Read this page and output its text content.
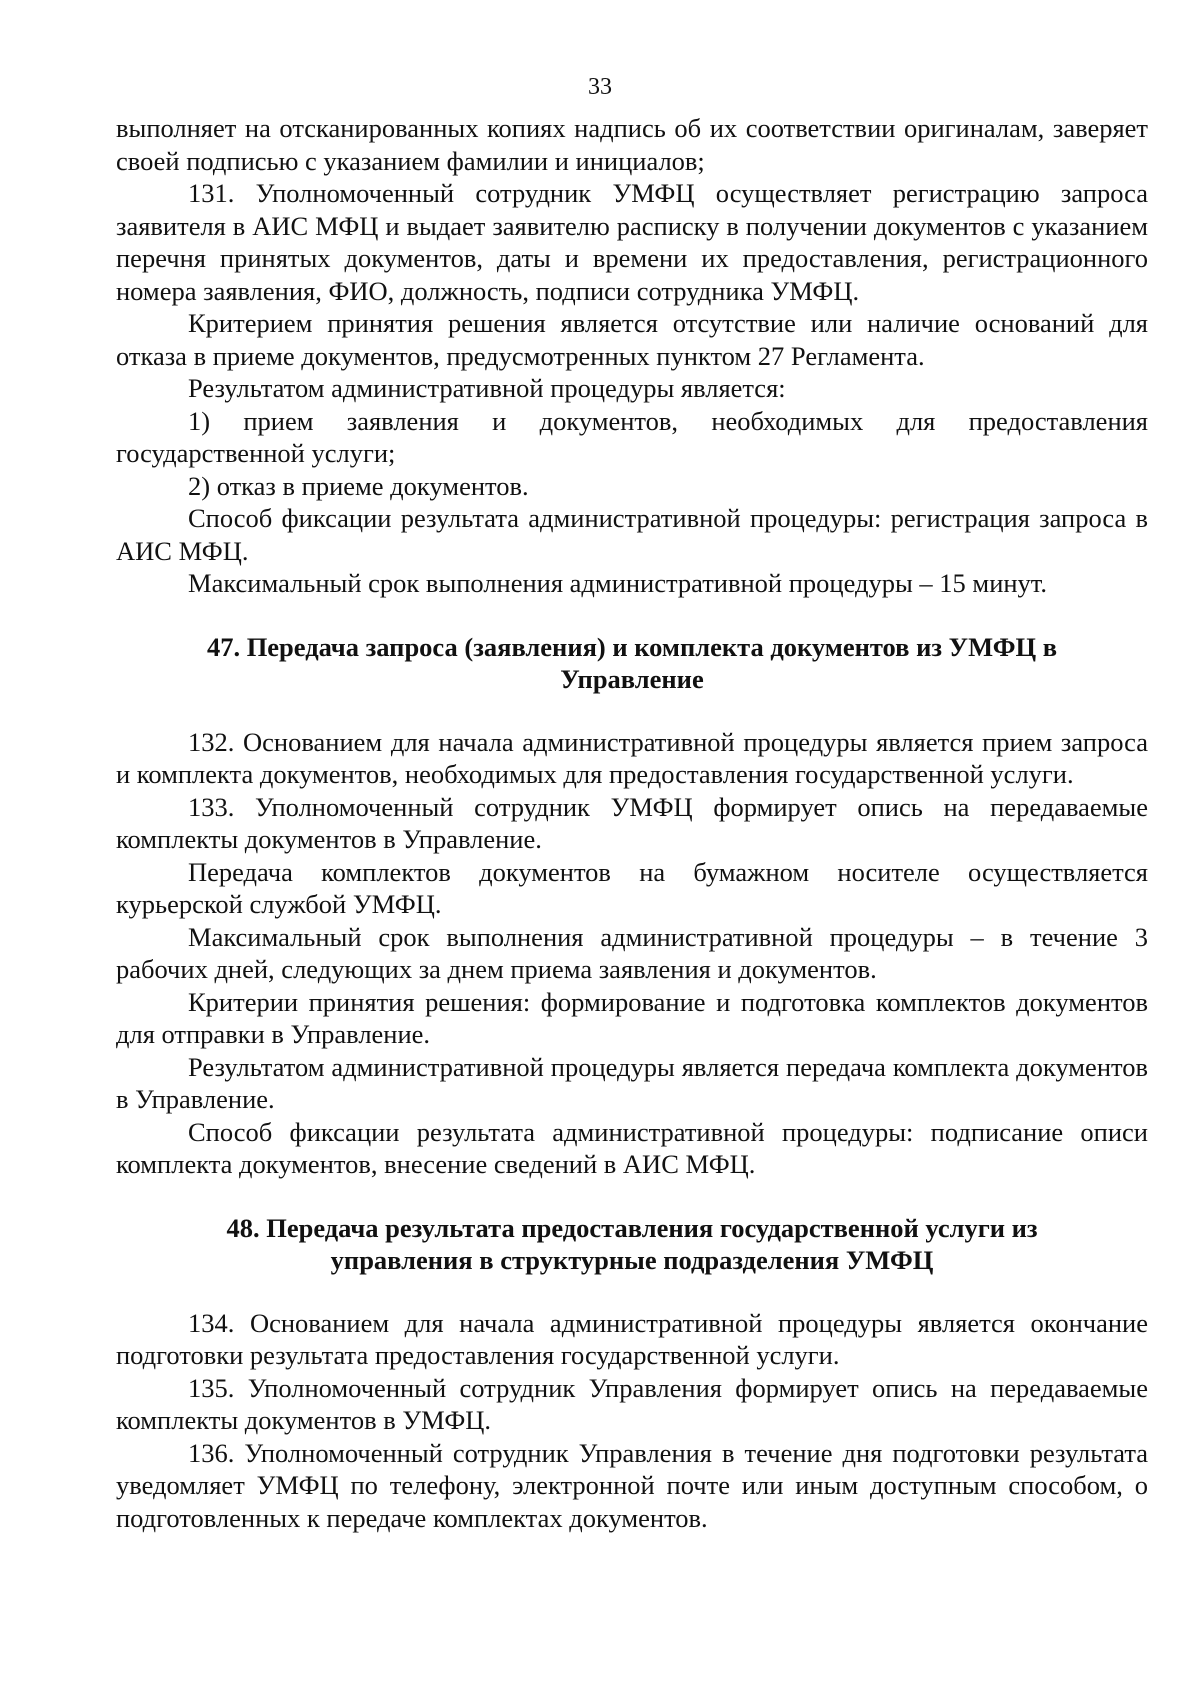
33

выполняет на отсканированных копиях надпись об их соответствии оригиналам, заверяет своей подписью с указанием фамилии и инициалов;

131. Уполномоченный сотрудник УМФЦ осуществляет регистрацию запроса заявителя в АИС МФЦ и выдает заявителю расписку в получении документов с указанием перечня принятых документов, даты и времени их предоставления, регистрационного номера заявления, ФИО, должность, подписи сотрудника УМФЦ.

Критерием принятия решения является отсутствие или наличие оснований для отказа в приеме документов, предусмотренных пунктом 27 Регламента.

Результатом административной процедуры является:

1) прием заявления и документов, необходимых для предоставления государственной услуги;

2) отказ в приеме документов.

Способ фиксации результата административной процедуры: регистрация запроса в АИС МФЦ.

Максимальный срок выполнения административной процедуры – 15 минут.

47. Передача запроса (заявления) и комплекта документов из УМФЦ в Управление

132. Основанием для начала административной процедуры является прием запроса и комплекта документов, необходимых для предоставления государственной услуги.

133. Уполномоченный сотрудник УМФЦ формирует опись на передаваемые комплекты документов в Управление.

Передача комплектов документов на бумажном носителе осуществляется курьерской службой УМФЦ.

Максимальный срок выполнения административной процедуры – в течение 3 рабочих дней, следующих за днем приема заявления и документов.

Критерии принятия решения: формирование и подготовка комплектов документов для отправки в Управление.

Результатом административной процедуры является передача комплекта документов в Управление.

Способ фиксации результата административной процедуры: подписание описи комплекта документов, внесение сведений в АИС МФЦ.

48. Передача результата предоставления государственной услуги из управления в структурные подразделения УМФЦ

134. Основанием для начала административной процедуры является окончание подготовки результата предоставления государственной услуги.

135. Уполномоченный сотрудник Управления формирует опись на передаваемые комплекты документов в УМФЦ.

136. Уполномоченный сотрудник Управления в течение дня подготовки результата уведомляет УМФЦ по телефону, электронной почте или иным доступным способом, о подготовленных к передаче комплектах документов.
